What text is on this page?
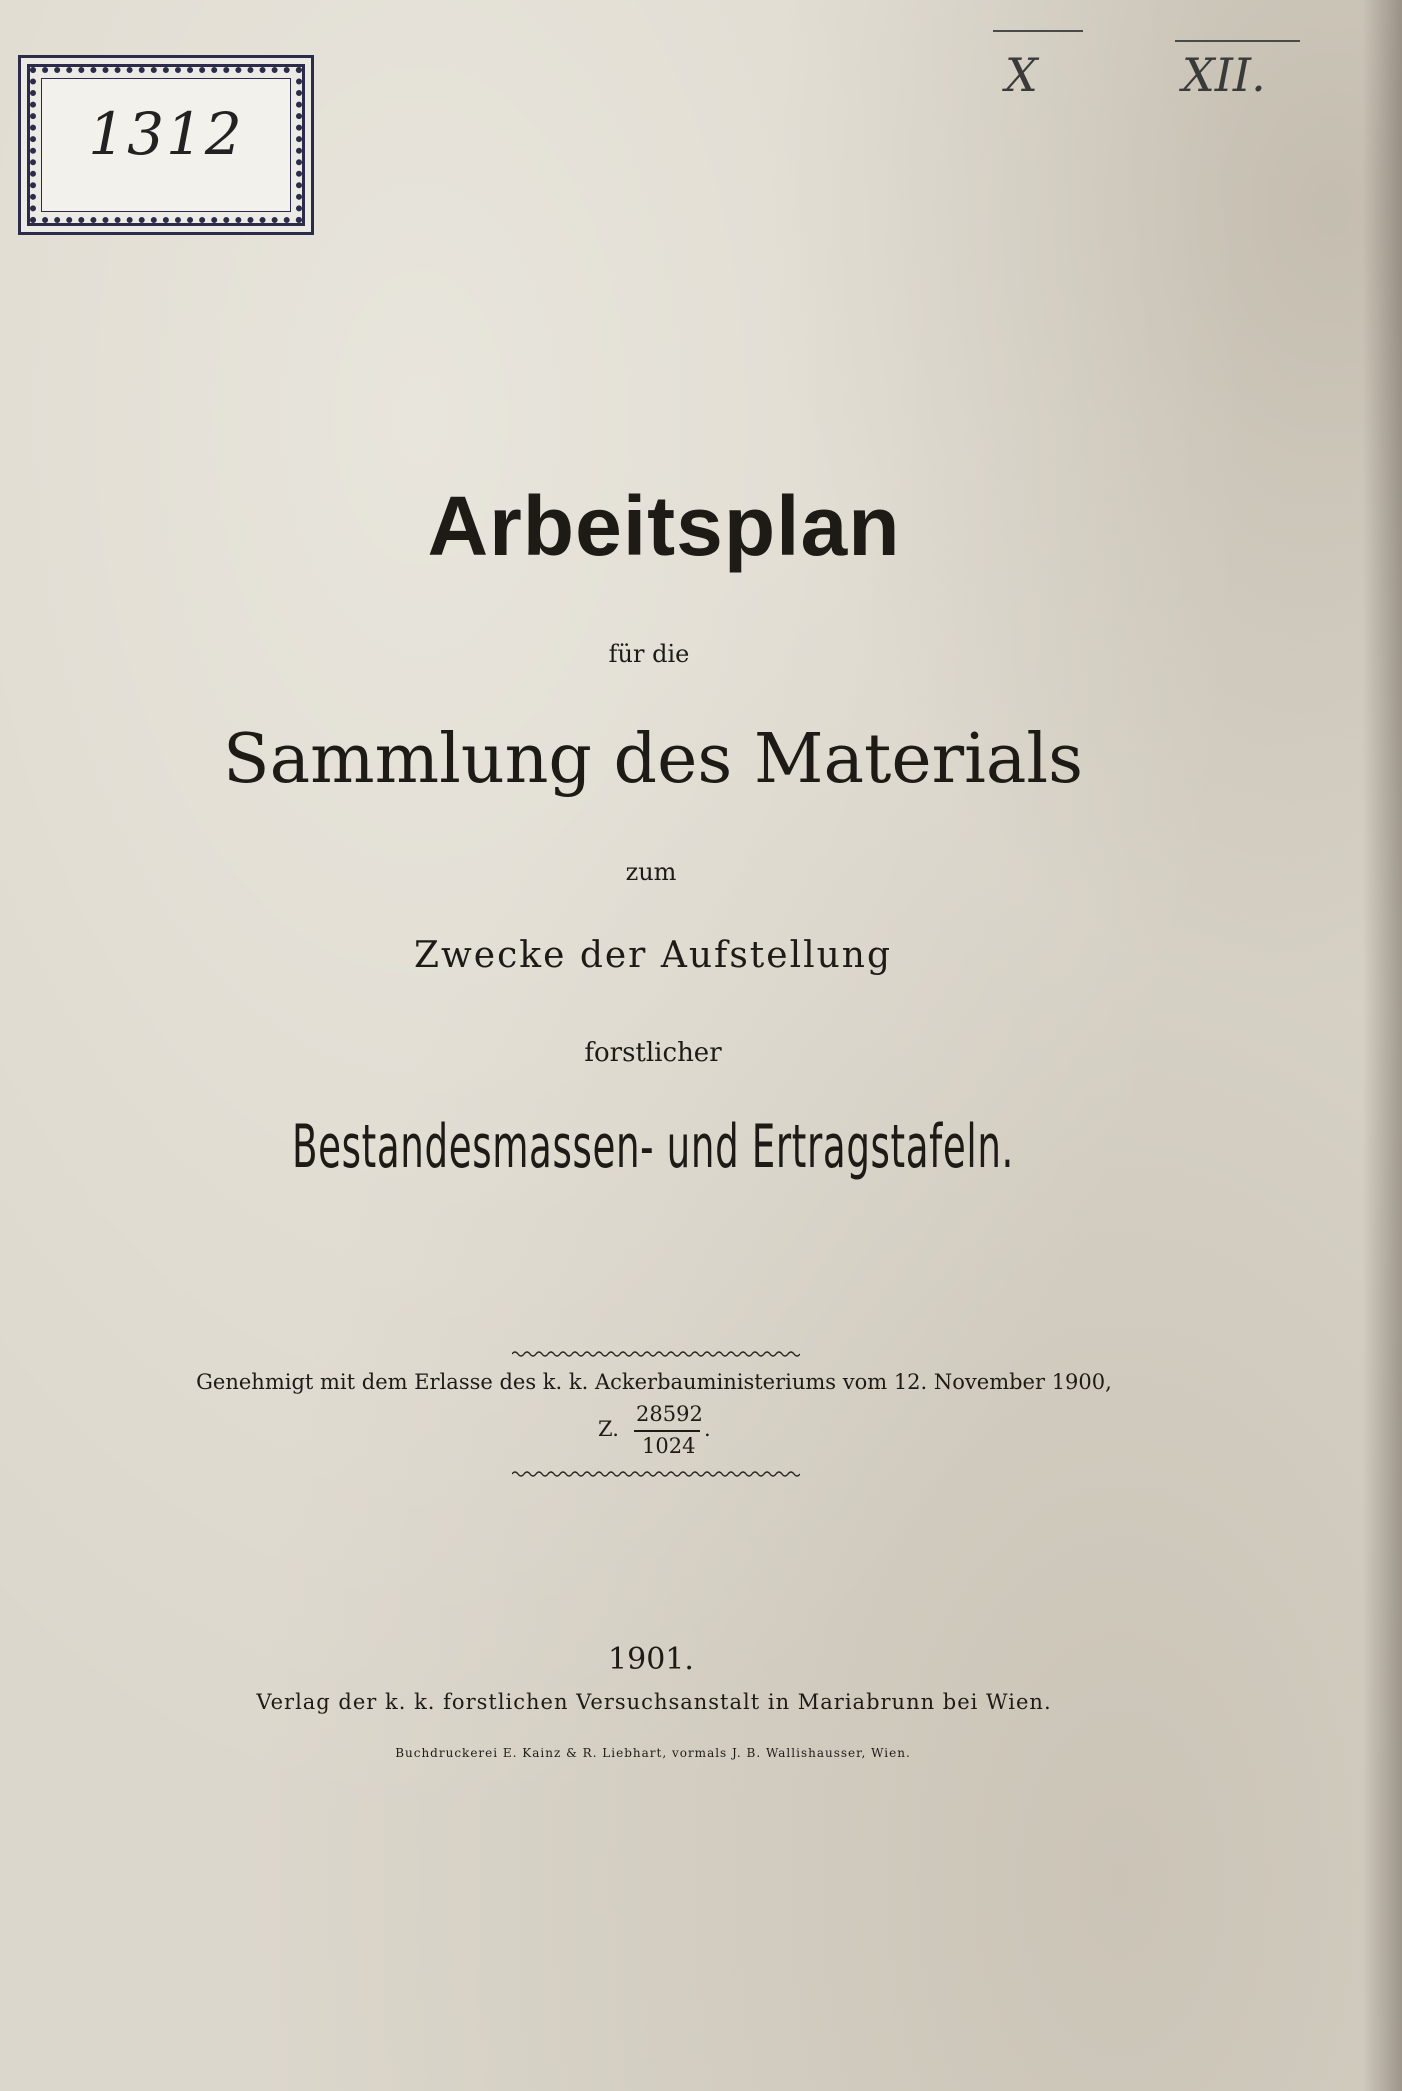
1312
X	XII.
Arbeitsplan
für die
Sammlung des Materials
zum
Zwecke der Aufstellung
forstlicher
Bestandesmassen- und Ertragstafeln.
Genehmigt mit dem Erlasse des k. k. Ackerbauministeriums vom 12. November 1900,
Z.
28592
1024
.
1901.
Verlag der k. k. forstlichen Versuchsanstalt in Mariabrunn bei Wien.
Buchdruckerei E. Kainz & R. Liebhart, vormals J. B. Wallishausser, Wien.
